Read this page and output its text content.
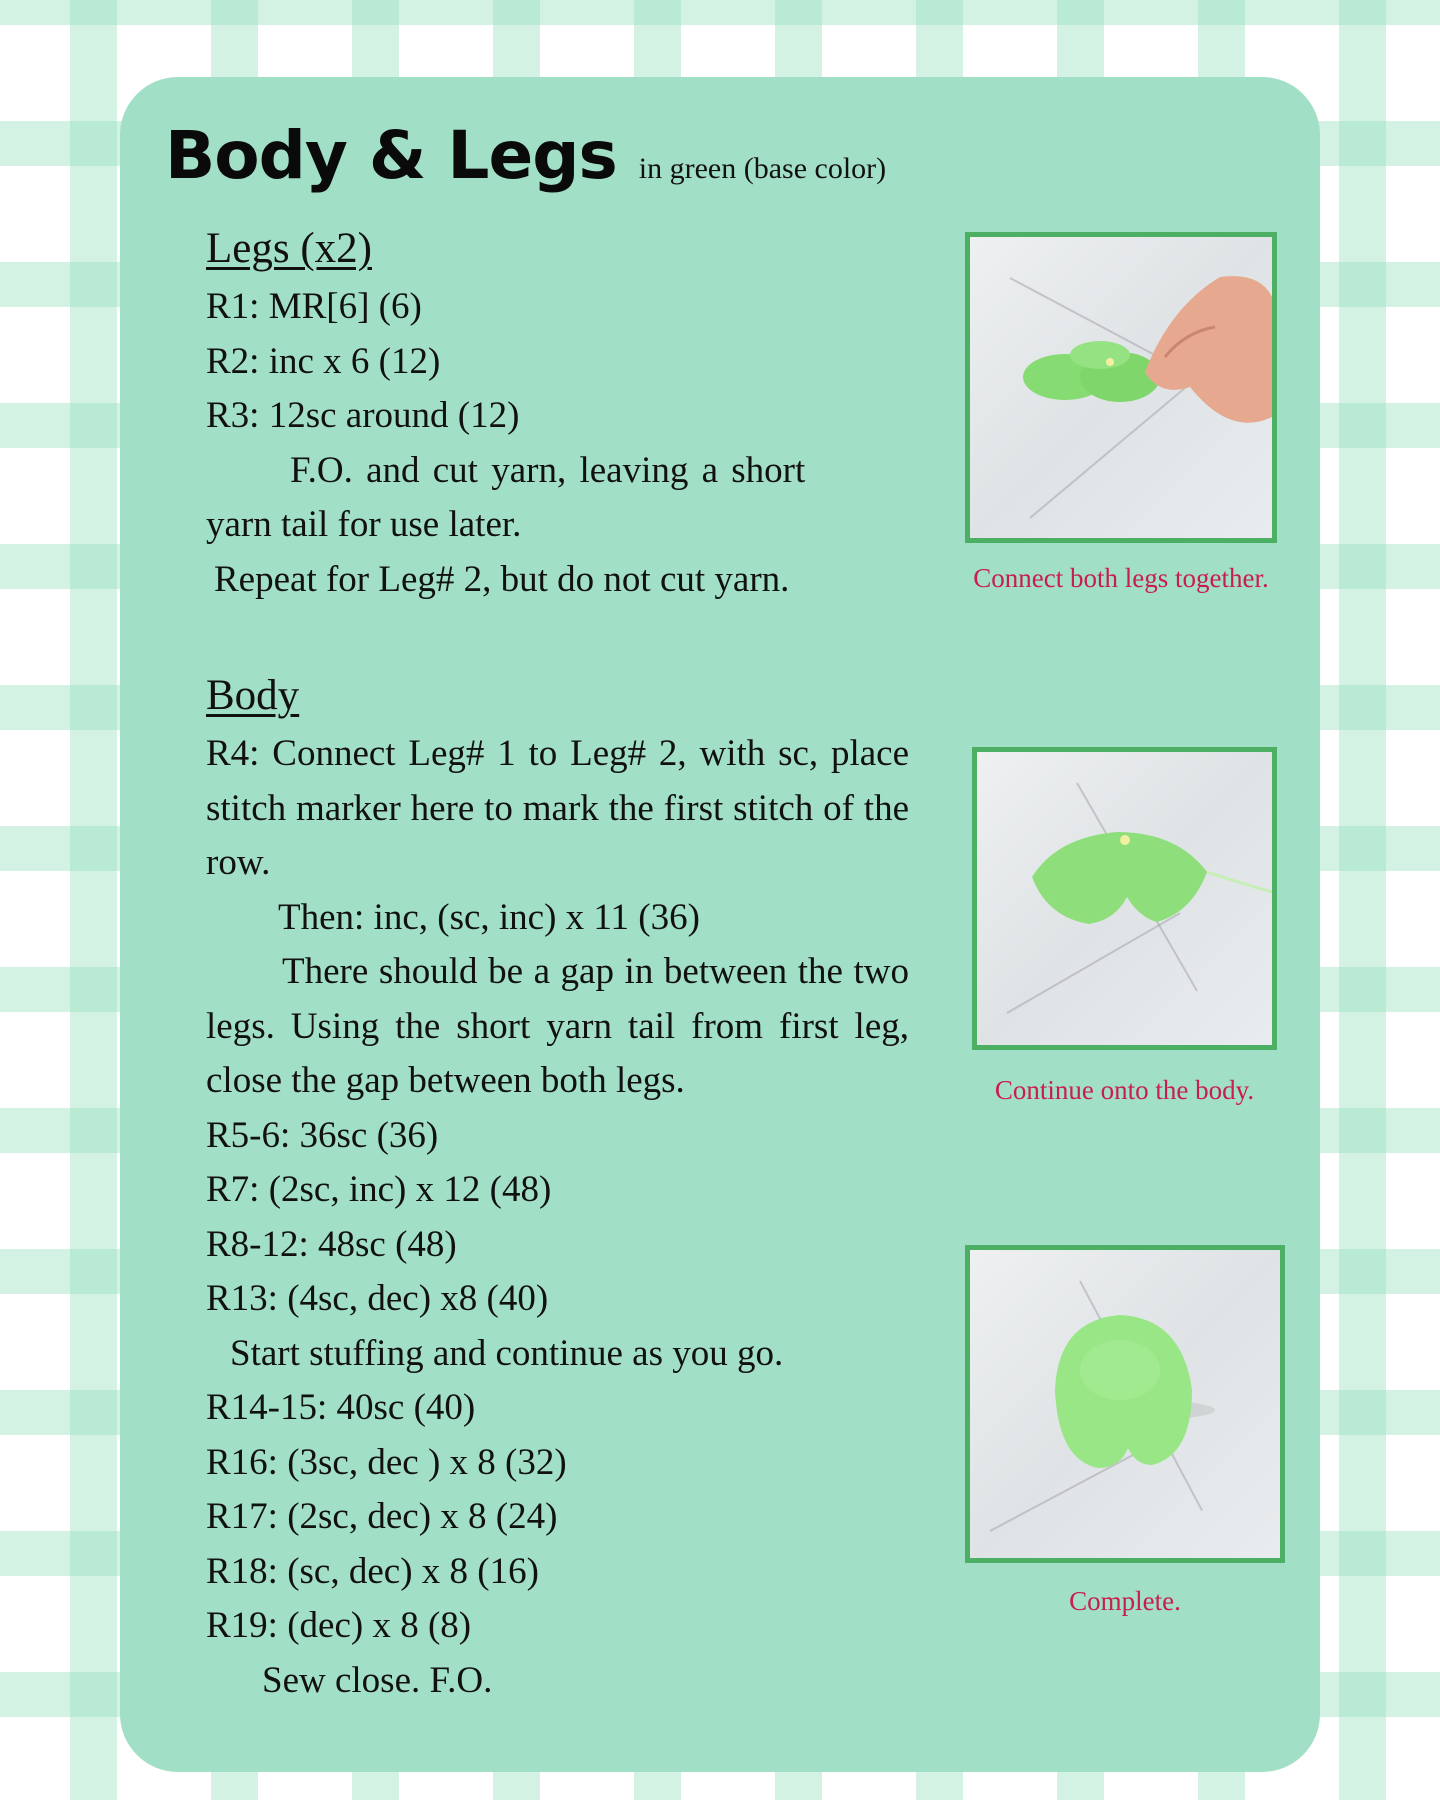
Body & Legs in green (base color)
Legs (x2)
R1: MR[6] (6)
R2: inc x 6 (12)
R3: 12sc around (12)
F.O. and cut yarn, leaving a short
yarn tail for use later.
Repeat for Leg# 2, but do not cut yarn.
Body
R4: Connect Leg# 1 to Leg# 2, with sc, place stitch marker here to mark the first stitch of the row.
Then: inc, (sc, inc) x 11 (36)
There should be a gap in between the two legs. Using the short yarn tail from first leg, close the gap between both legs.
R5-6: 36sc (36)
R7: (2sc, inc) x 12 (48)
R8-12: 48sc (48)
R13: (4sc, dec) x8 (40)
Start stuffing and continue as you go.
R14-15: 40sc (40)
R16: (3sc, dec ) x 8 (32)
R17: (2sc, dec) x 8 (24)
R18: (sc, dec) x 8 (16)
R19: (dec) x 8 (8)
Sew close. F.O.
Connect both legs together.
Continue onto the body.
Complete.
